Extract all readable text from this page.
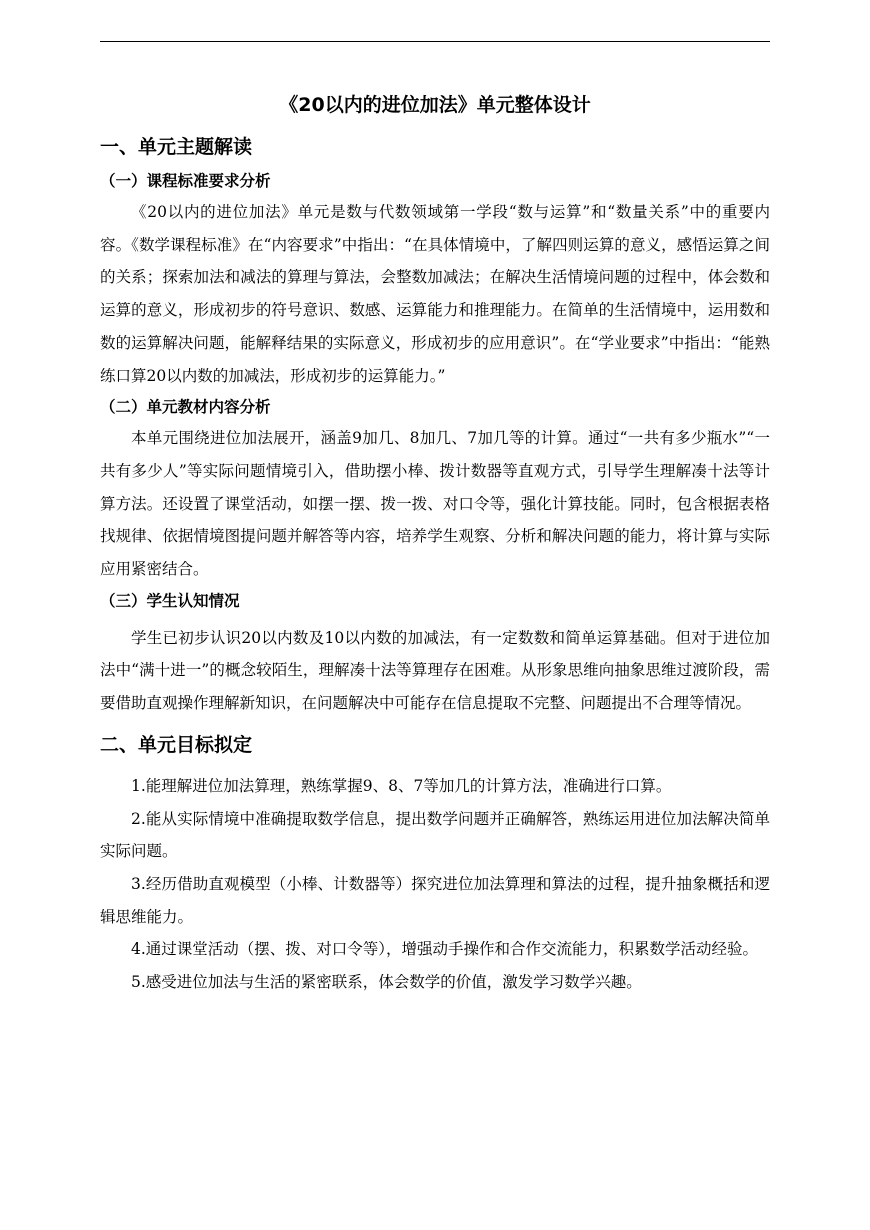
《20以内的进位加法》单元整体设计
一、单元主题解读
（一）课程标准要求分析

《20以内的进位加法》单元是数与代数领域第一学段“数与运算”和“数量关系”中的重要内容。《数学课程标准》在“内容要求”中指出：“在具体情境中，了解四则运算的意义，感悟运算之间的关系；探索加法和减法的算理与算法，会整数加减法；在解决生活情境问题的过程中，体会数和运算的意义，形成初步的符号意识、数感、运算能力和推理能力。在简单的生活情境中，运用数和数的运算解决问题，能解释结果的实际意义，形成初步的应用意识”。在“学业要求”中指出：“能熟练口算20以内数的加减法，形成初步的运算能力。”

（二）单元教材内容分析

本单元围绕进位加法展开，涵盖9加几、8加几、7加几等的计算。通过“一共有多少瓶水”“一共有多少人”等实际问题情境引入，借助摆小棒、拨计数器等直观方式，引导学生理解凑十法等计算方法。还设置了课堂活动，如摆一摆、拨一拨、对口令等，强化计算技能。同时，包含根据表格找规律、依据情境图提问题并解答等内容，培养学生观察、分析和解决问题的能力，将计算与实际应用紧密结合。

（三）学生认知情况

学生已初步认识20以内数及10以内数的加减法，有一定数数和简单运算基础。但对于进位加法中“满十进一”的概念较陌生，理解凑十法等算理存在困难。从形象思维向抽象思维过渡阶段，需要借助直观操作理解新知识，在问题解决中可能存在信息提取不完整、问题提出不合理等情况。

二、单元目标拟定

1.能理解进位加法算理，熟练掌握9、8、7等加几的计算方法，准确进行口算。

2.能从实际情境中准确提取数学信息，提出数学问题并正确解答，熟练运用进位加法解决简单实际问题。

3.经历借助直观模型（小棒、计数器等）探究进位加法算理和算法的过程，提升抽象概括和逻辑思维能力。

4.通过课堂活动（摆、拨、对口令等），增强动手操作和合作交流能力，积累数学活动经验。

5.感受进位加法与生活的紧密联系，体会数学的价值，激发学习数学兴趣。
